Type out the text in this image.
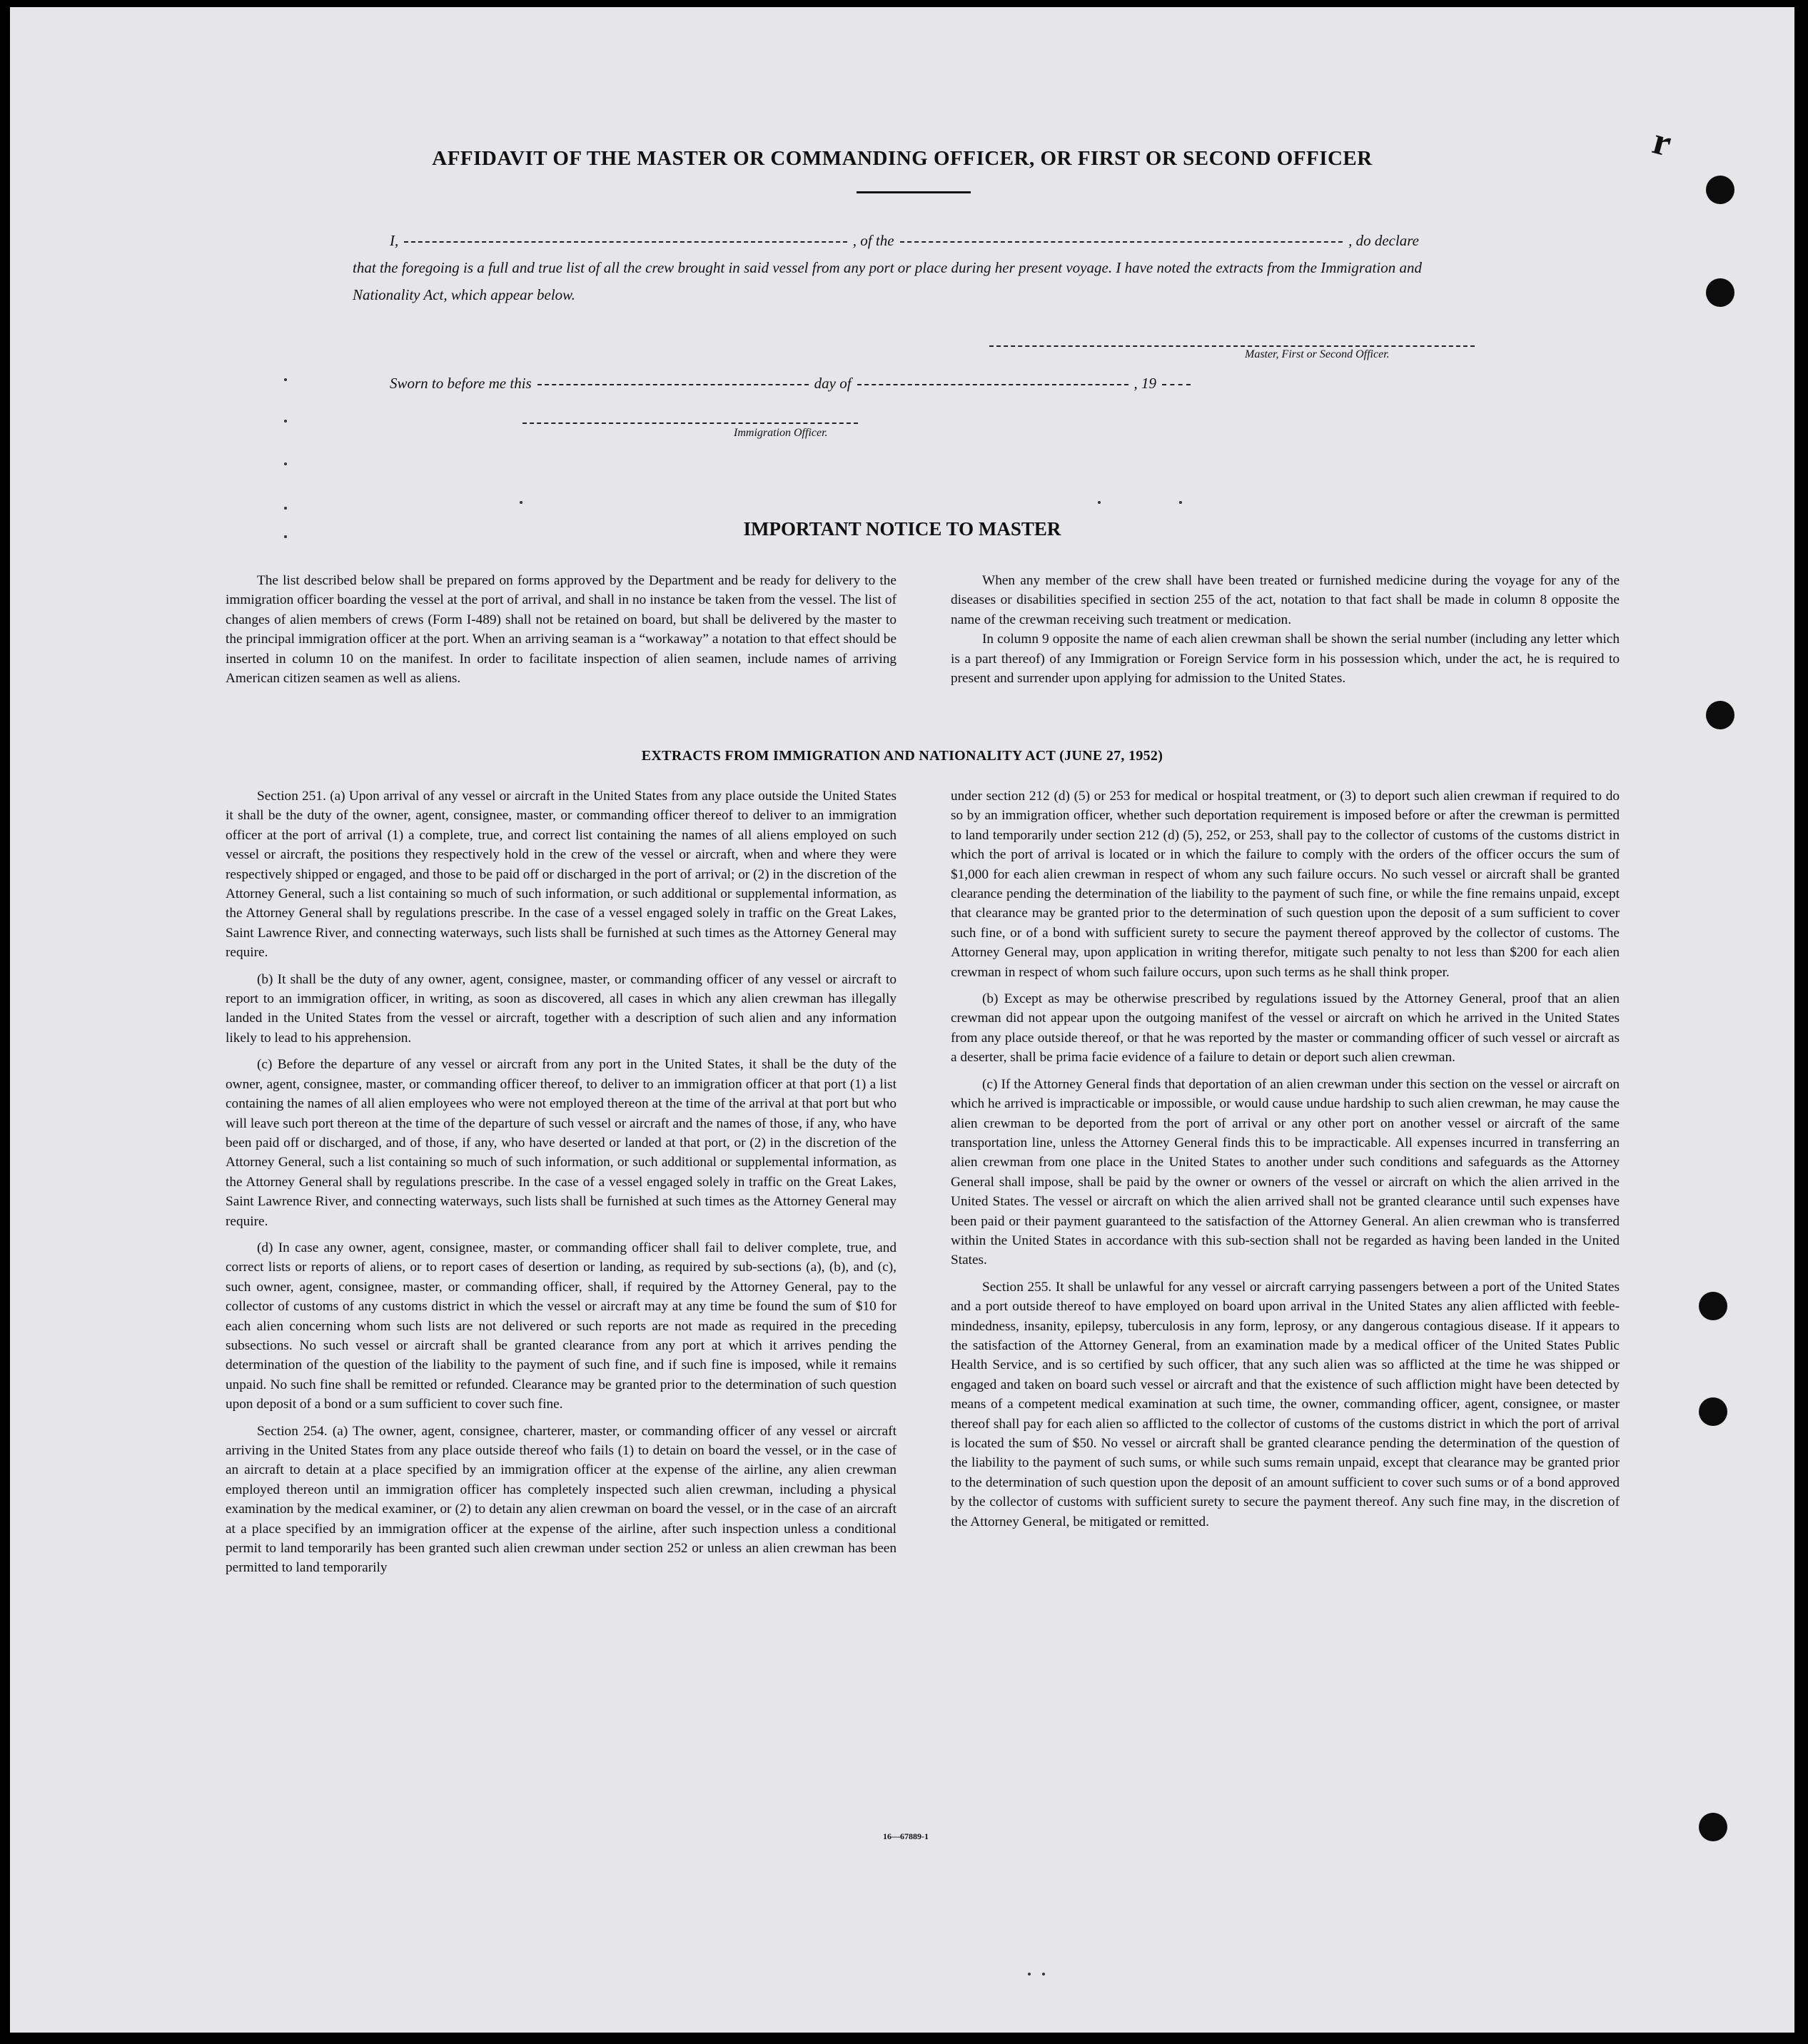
ʳ
AFFIDAVIT OF THE MASTER OR COMMANDING OFFICER, OR FIRST OR SECOND OFFICER
I,	, of the	, do declare
that the foregoing is a full and true list of all the crew brought in said vessel from any port or place during her present voyage. I have noted the extracts from the Immigration and Nationality Act, which appear below.
Master, First or Second Officer.
Sworn to before me this	day of	, 19
Immigration Officer.
IMPORTANT NOTICE TO MASTER

The list described below shall be prepared on forms approved by the Department and be ready for delivery to the immigration officer boarding the vessel at the port of arrival, and shall in no instance be taken from the vessel. The list of changes of alien members of crews (Form I-489) shall not be retained on board, but shall be delivered by the master to the principal immigration officer at the port. When an arriving seaman is a “workaway” a notation to that effect should be inserted in column 10 on the manifest. In order to facilitate inspection of alien seamen, include names of arriving American citizen seamen as well as aliens.

When any member of the crew shall have been treated or furnished medicine during the voyage for any of the diseases or disabilities specified in section 255 of the act, notation to that fact shall be made in column 8 opposite the name of the crewman receiving such treatment or medication.

In column 9 opposite the name of each alien crewman shall be shown the serial number (including any letter which is a part thereof) of any Immigration or Foreign Service form in his possession which, under the act, he is required to present and surrender upon applying for admission to the United States.

EXTRACTS FROM IMMIGRATION AND NATIONALITY ACT (JUNE 27, 1952)

Section 251. (a) Upon arrival of any vessel or aircraft in the United States from any place outside the United States it shall be the duty of the owner, agent, consignee, master, or commanding officer thereof to deliver to an immigration officer at the port of arrival (1) a complete, true, and correct list containing the names of all aliens employed on such vessel or aircraft, the positions they respectively hold in the crew of the vessel or aircraft, when and where they were respectively shipped or engaged, and those to be paid off or discharged in the port of arrival; or (2) in the discretion of the Attorney General, such a list containing so much of such information, or such additional or supplemental information, as the Attorney General shall by regulations prescribe. In the case of a vessel engaged solely in traffic on the Great Lakes, Saint Lawrence River, and connecting waterways, such lists shall be furnished at such times as the Attorney General may require.

(b) It shall be the duty of any owner, agent, consignee, master, or commanding officer of any vessel or aircraft to report to an immigration officer, in writing, as soon as discovered, all cases in which any alien crewman has illegally landed in the United States from the vessel or aircraft, together with a description of such alien and any information likely to lead to his apprehension.

(c) Before the departure of any vessel or aircraft from any port in the United States, it shall be the duty of the owner, agent, consignee, master, or commanding officer thereof, to deliver to an immigration officer at that port (1) a list containing the names of all alien employees who were not employed thereon at the time of the arrival at that port but who will leave such port thereon at the time of the departure of such vessel or aircraft and the names of those, if any, who have been paid off or discharged, and of those, if any, who have deserted or landed at that port, or (2) in the discretion of the Attorney General, such a list containing so much of such information, or such additional or supplemental information, as the Attorney General shall by regulations prescribe. In the case of a vessel engaged solely in traffic on the Great Lakes, Saint Lawrence River, and connecting waterways, such lists shall be furnished at such times as the Attorney General may require.

(d) In case any owner, agent, consignee, master, or commanding officer shall fail to deliver complete, true, and correct lists or reports of aliens, or to report cases of desertion or landing, as required by sub-sections (a), (b), and (c), such owner, agent, consignee, master, or commanding officer, shall, if required by the Attorney General, pay to the collector of customs of any customs district in which the vessel or aircraft may at any time be found the sum of $10 for each alien concerning whom such lists are not delivered or such reports are not made as required in the preceding subsections. No such vessel or aircraft shall be granted clearance from any port at which it arrives pending the determination of the question of the liability to the payment of such fine, and if such fine is imposed, while it remains unpaid. No such fine shall be remitted or refunded. Clearance may be granted prior to the determination of such question upon deposit of a bond or a sum sufficient to cover such fine.

Section 254. (a) The owner, agent, consignee, charterer, master, or commanding officer of any vessel or aircraft arriving in the United States from any place outside thereof who fails (1) to detain on board the vessel, or in the case of an aircraft to detain at a place specified by an immigration officer at the expense of the airline, any alien crewman employed thereon until an immigration officer has completely inspected such alien crewman, including a physical examination by the medical examiner, or (2) to detain any alien crewman on board the vessel, or in the case of an aircraft at a place specified by an immigration officer at the expense of the airline, after such inspection unless a conditional permit to land temporarily has been granted such alien crewman under section 252 or unless an alien crewman has been permitted to land temporarily

under section 212 (d) (5) or 253 for medical or hospital treatment, or (3) to deport such alien crewman if required to do so by an immigration officer, whether such deportation requirement is imposed before or after the crewman is permitted to land temporarily under section 212 (d) (5), 252, or 253, shall pay to the collector of customs of the customs district in which the port of arrival is located or in which the failure to comply with the orders of the officer occurs the sum of $1,000 for each alien crewman in respect of whom any such failure occurs. No such vessel or aircraft shall be granted clearance pending the determination of the liability to the payment of such fine, or while the fine remains unpaid, except that clearance may be granted prior to the determination of such question upon the deposit of a sum sufficient to cover such fine, or of a bond with sufficient surety to secure the payment thereof approved by the collector of customs. The Attorney General may, upon application in writing therefor, mitigate such penalty to not less than $200 for each alien crewman in respect of whom such failure occurs, upon such terms as he shall think proper.

(b) Except as may be otherwise prescribed by regulations issued by the Attorney General, proof that an alien crewman did not appear upon the outgoing manifest of the vessel or aircraft on which he arrived in the United States from any place outside thereof, or that he was reported by the master or commanding officer of such vessel or aircraft as a deserter, shall be prima facie evidence of a failure to detain or deport such alien crewman.

(c) If the Attorney General finds that deportation of an alien crewman under this section on the vessel or aircraft on which he arrived is impracticable or impossible, or would cause undue hardship to such alien crewman, he may cause the alien crewman to be deported from the port of arrival or any other port on another vessel or aircraft of the same transportation line, unless the Attorney General finds this to be impracticable. All expenses incurred in transferring an alien crewman from one place in the United States to another under such conditions and safeguards as the Attorney General shall impose, shall be paid by the owner or owners of the vessel or aircraft on which the alien arrived in the United States. The vessel or aircraft on which the alien arrived shall not be granted clearance until such expenses have been paid or their payment guaranteed to the satisfaction of the Attorney General. An alien crewman who is transferred within the United States in accordance with this sub-section shall not be regarded as having been landed in the United States.

Section 255. It shall be unlawful for any vessel or aircraft carrying passengers between a port of the United States and a port outside thereof to have employed on board upon arrival in the United States any alien afflicted with feeble-mindedness, insanity, epilepsy, tuberculosis in any form, leprosy, or any dangerous contagious disease. If it appears to the satisfaction of the Attorney General, from an examination made by a medical officer of the United States Public Health Service, and is so certified by such officer, that any such alien was so afflicted at the time he was shipped or engaged and taken on board such vessel or aircraft and that the existence of such affliction might have been detected by means of a competent medical examination at such time, the owner, commanding officer, agent, consignee, or master thereof shall pay for each alien so afflicted to the collector of customs of the customs district in which the port of arrival is located the sum of $50. No vessel or aircraft shall be granted clearance pending the determination of the question of the liability to the payment of such sums, or while such sums remain unpaid, except that clearance may be granted prior to the determination of such question upon the deposit of an amount sufficient to cover such sums or of a bond approved by the collector of customs with sufficient surety to secure the payment thereof. Any such fine may, in the discretion of the Attorney General, be mitigated or remitted.

16—67889-1
